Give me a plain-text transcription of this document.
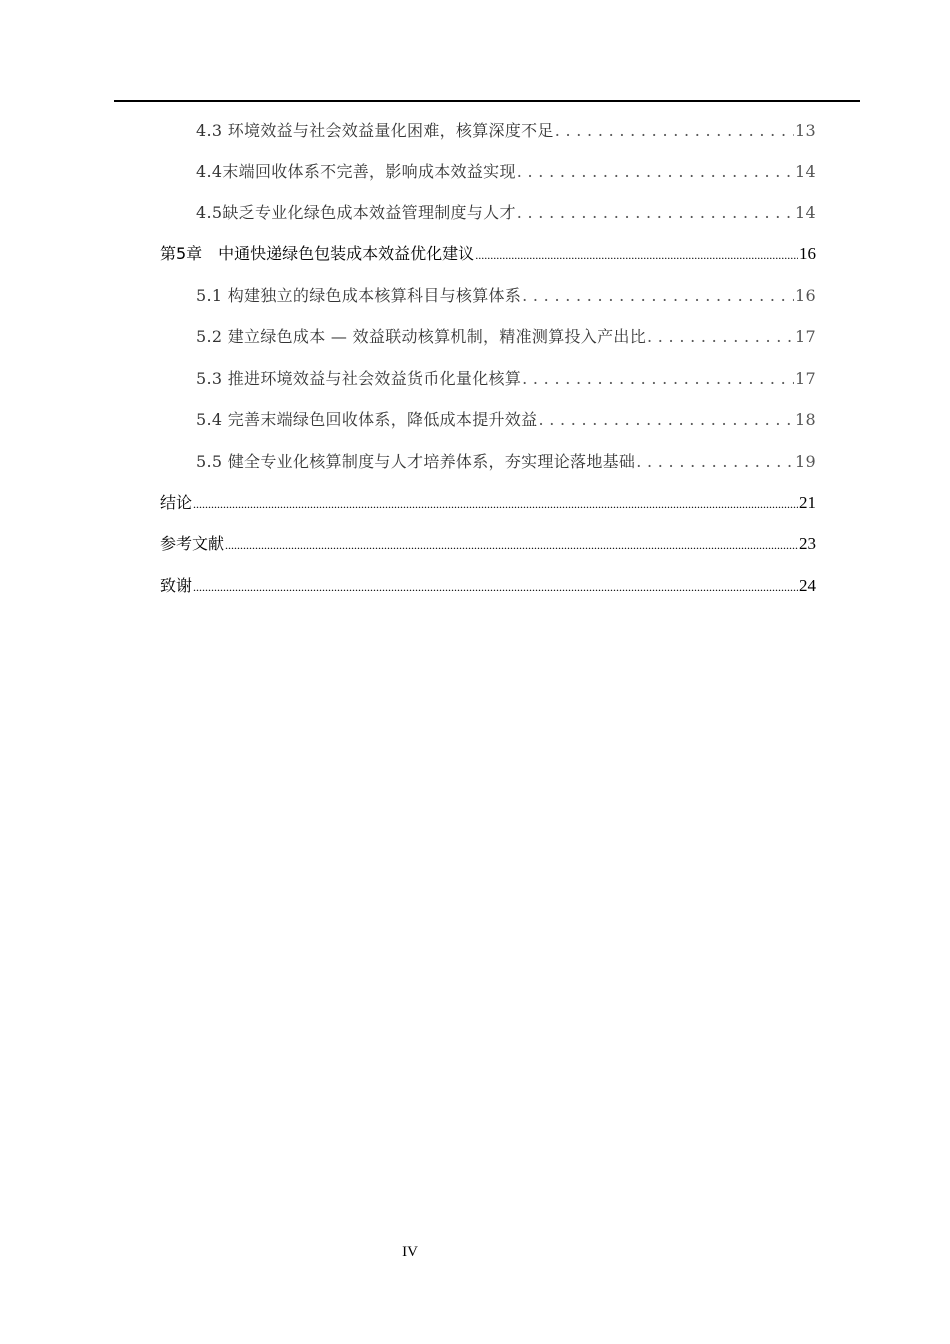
4.3 环境效益与社会效益量化困难，核算深度不足 . . .	13
4.4末端回收体系不完善，影响成本效益实现 . . .	14
4.5缺乏专业化绿色成本效益管理制度与人才 . . .	14
第5章　中通快递绿色包装成本效益优化建议 .....	16
5.1 构建独立的绿色成本核算科目与核算体系 . . .	16
5.2 建立绿色成本 — 效益联动核算机制，精准测算投入产出比 . . .	17
5.3 推进环境效益与社会效益货币化量化核算 . . .	17
5.4 完善末端绿色回收体系，降低成本提升效益 . . .	18
5.5 健全专业化核算制度与人才培养体系，夯实理论落地基础 . . .	19
结论 .....	21
参考文献 .....	23
致谢 .....	24
IV
